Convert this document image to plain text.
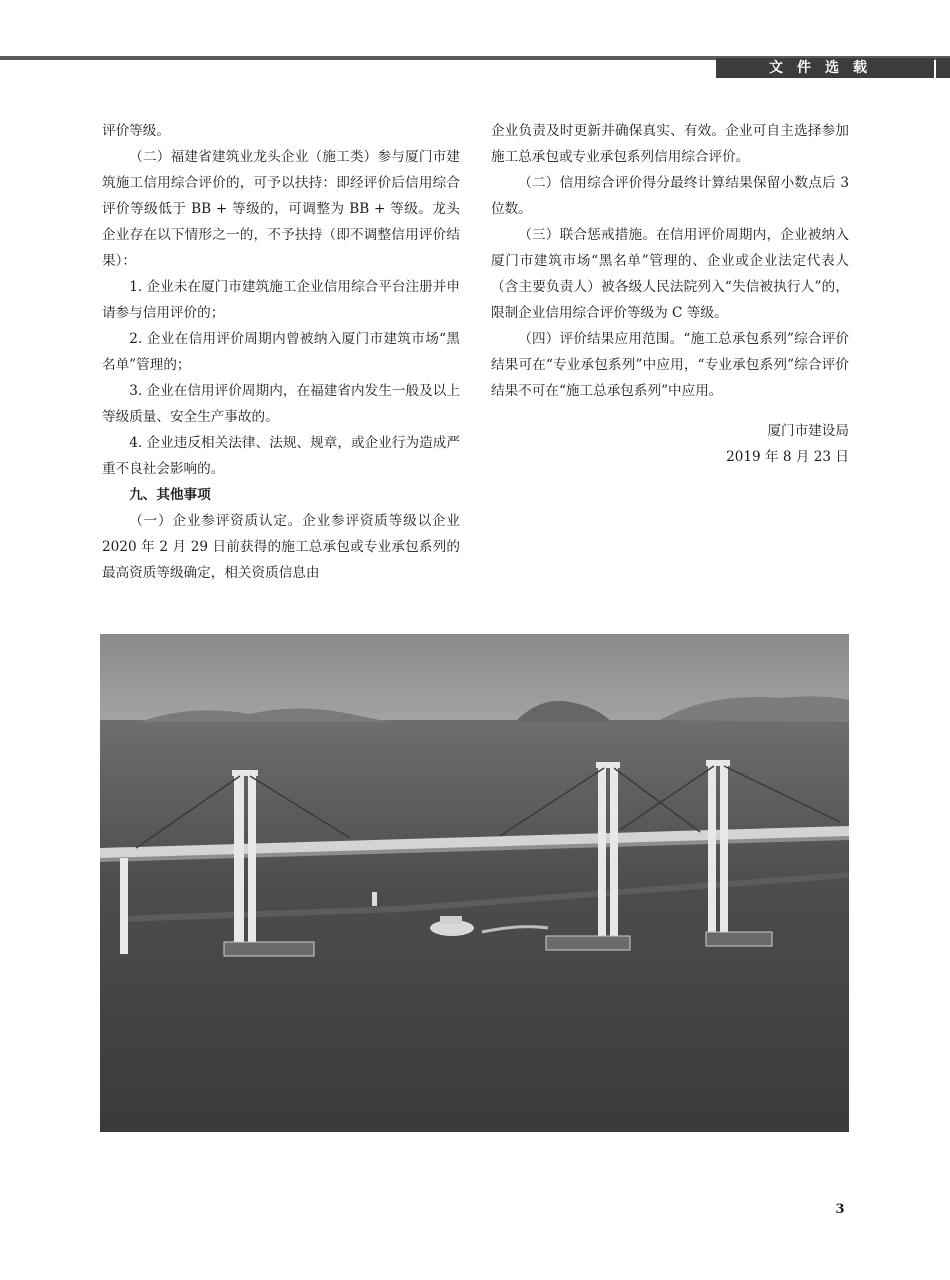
文件选载

评价等级。

（二）福建省建筑业龙头企业（施工类）参与厦门市建筑施工信用综合评价的，可予以扶持：即经评价后信用综合评价等级低于 BB + 等级的，可调整为 BB + 等级。龙头企业存在以下情形之一的，不予扶持（即不调整信用评价结果）：

1. 企业未在厦门市建筑施工企业信用综合平台注册并申请参与信用评价的；

2. 企业在信用评价周期内曾被纳入厦门市建筑市场“黑名单”管理的；

3. 企业在信用评价周期内，在福建省内发生一般及以上等级质量、安全生产事故的。

4. 企业违反相关法律、法规、规章，或企业行为造成严重不良社会影响的。

九、其他事项

（一）企业参评资质认定。企业参评资质等级以企业 2020 年 2 月 29 日前获得的施工总承包或专业承包系列的最高资质等级确定，相关资质信息由

企业负责及时更新并确保真实、有效。企业可自主选择参加施工总承包或专业承包系列信用综合评价。

（二）信用综合评价得分最终计算结果保留小数点后 3 位数。

（三）联合惩戒措施。在信用评价周期内，企业被纳入厦门市建筑市场“黑名单”管理的、企业或企业法定代表人（含主要负责人）被各级人民法院列入“失信被执行人”的，限制企业信用综合评价等级为 C 等级。

（四）评价结果应用范围。“施工总承包系列”综合评价结果可在“专业承包系列”中应用，“专业承包系列”综合评价结果不可在“施工总承包系列”中应用。

厦门市建设局

2019 年 8 月 23 日

3
